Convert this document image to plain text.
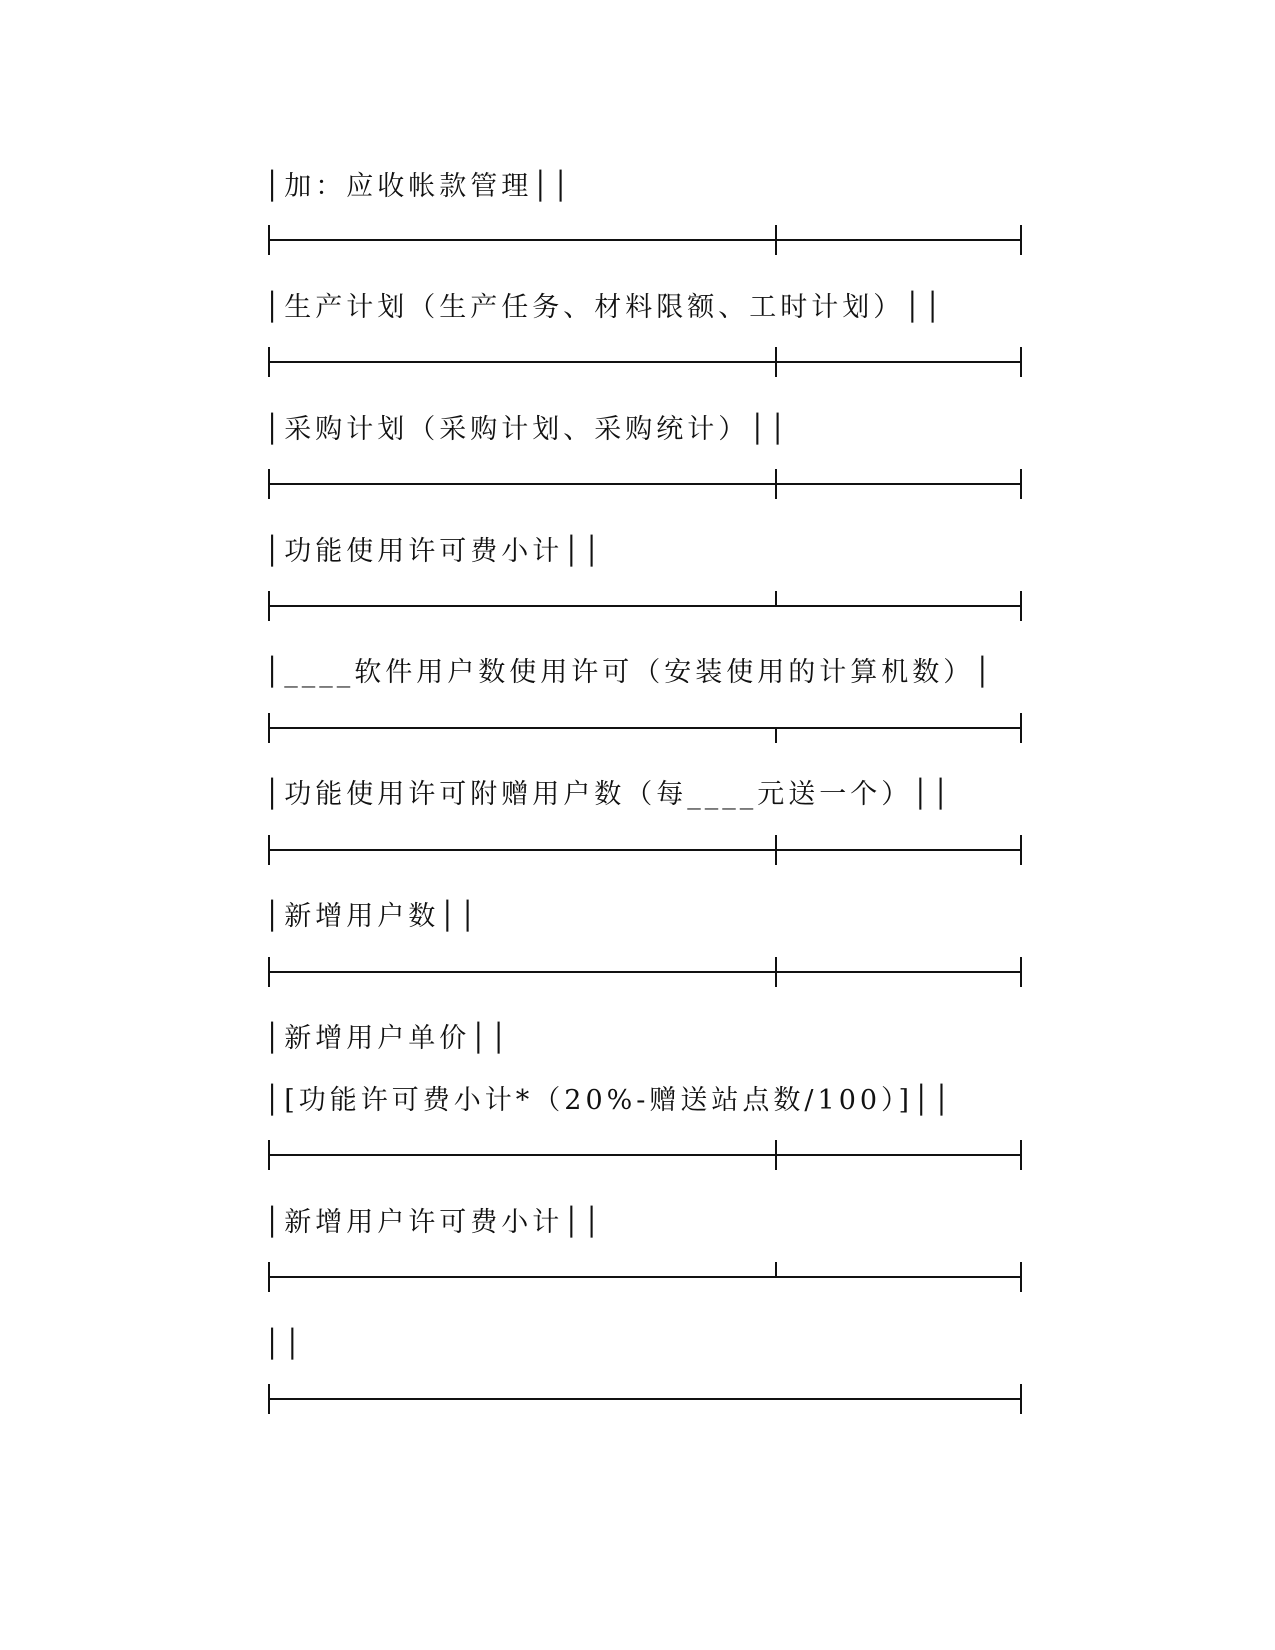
│加：应收帐款管理││
│生产计划（生产任务、材料限额、工时计划）││
│采购计划（采购计划、采购统计）││
│功能使用许可费小计││
│____软件用户数使用许可（安装使用的计算机数）│
│功能使用许可附赠用户数（每____元送一个）││
│新增用户数││
│新增用户单价││
│[功能许可费小计*（20%-赠送站点数/100）]││
│新增用户许可费小计││
││
